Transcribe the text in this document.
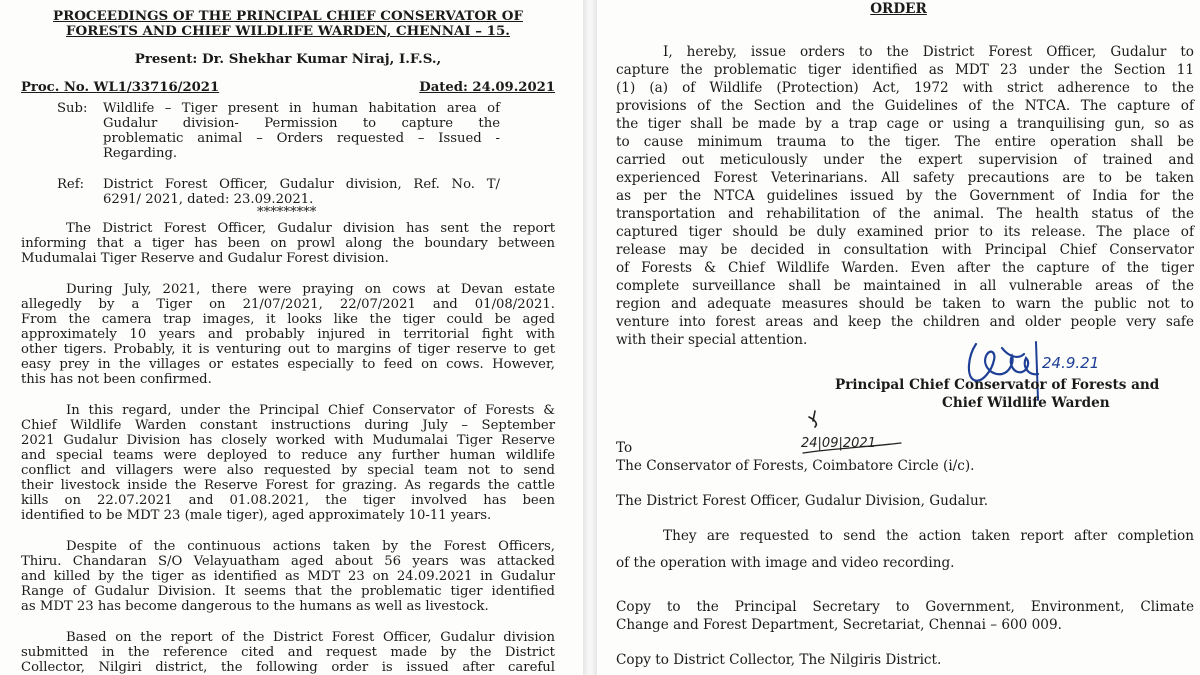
PROCEEDINGS OF THE PRINCIPAL CHIEF CONSERVATOR OF
FORESTS AND CHIEF WILDLIFE WARDEN, CHENNAI – 15.
Present: Dr. Shekhar Kumar Niraj, I.F.S.,
Proc. No. WL1/33716/2021	Dated: 24.09.2021
Sub:	Wildlife – Tiger present in human habitation area of
Gudalur division- Permission to capture the
problematic animal – Orders requested – Issued -
Regarding.
Ref:	District Forest Officer, Gudalur division, Ref. No. T/
6291/ 2021, dated: 23.09.2021.
*********
The District Forest Officer, Gudalur division has sent the report
informing that a tiger has been on prowl along the boundary between
Mudumalai Tiger Reserve and Gudalur Forest division.
During July, 2021, there were praying on cows at Devan estate
allegedly by a Tiger on 21/07/2021, 22/07/2021 and 01/08/2021.
From the camera trap images, it looks like the tiger could be aged
approximately 10 years and probably injured in territorial fight with
other tigers. Probably, it is venturing out to margins of tiger reserve to get
easy prey in the villages or estates especially to feed on cows. However,
this has not been confirmed.
In this regard, under the Principal Chief Conservator of Forests &
Chief Wildlife Warden constant instructions during July – September
2021 Gudalur Division has closely worked with Mudumalai Tiger Reserve
and special teams were deployed to reduce any further human wildlife
conflict and villagers were also requested by special team not to send
their livestock inside the Reserve Forest for grazing. As regards the cattle
kills on 22.07.2021 and 01.08.2021, the tiger involved has been
identified to be MDT 23 (male tiger), aged approximately 10-11 years.
Despite of the continuous actions taken by the Forest Officers,
Thiru. Chandaran S/O Velayuatham aged about 56 years was attacked
and killed by the tiger as identified as MDT 23 on 24.09.2021 in Gudalur
Range of Gudalur Division. It seems that the problematic tiger identified
as MDT 23 has become dangerous to the humans as well as livestock.
Based on the report of the District Forest Officer, Gudalur division
submitted in the reference cited and request made by the District
Collector, Nilgiri district, the following order is issued after careful
ORDER
I, hereby, issue orders to the District Forest Officer, Gudalur to
capture the problematic tiger identified as MDT 23 under the Section 11
(1) (a) of Wildlife (Protection) Act, 1972 with strict adherence to the
provisions of the Section and the Guidelines of the NTCA. The capture of
the tiger shall be made by a trap cage or using a tranquilising gun, so as
to cause minimum trauma to the tiger. The entire operation shall be
carried out meticulously under the expert supervision of trained and
experienced Forest Veterinarians. All safety precautions are to be taken
as per the NTCA guidelines issued by the Government of India for the
transportation and rehabilitation of the animal. The health status of the
captured tiger should be duly examined prior to its release. The place of
release may be decided in consultation with Principal Chief Conservator
of Forests & Chief Wildlife Warden. Even after the capture of the tiger
complete surveillance shall be maintained in all vulnerable areas of the
region and adequate measures should be taken to warn the public not to
venture into forest areas and keep the children and older people very safe
with their special attention.
24.9.21
Principal Chief Conservator of Forests and
Chief Wildlife Warden
24|09|2021
To
The Conservator of Forests, Coimbatore Circle (i/c).
The District Forest Officer, Gudalur Division, Gudalur.
They are requested to send the action taken report after completion
of the operation with image and video recording.
Copy to the Principal Secretary to Government, Environment, Climate
Change and Forest Department, Secretariat, Chennai – 600 009.
Copy to District Collector, The Nilgiris District.
